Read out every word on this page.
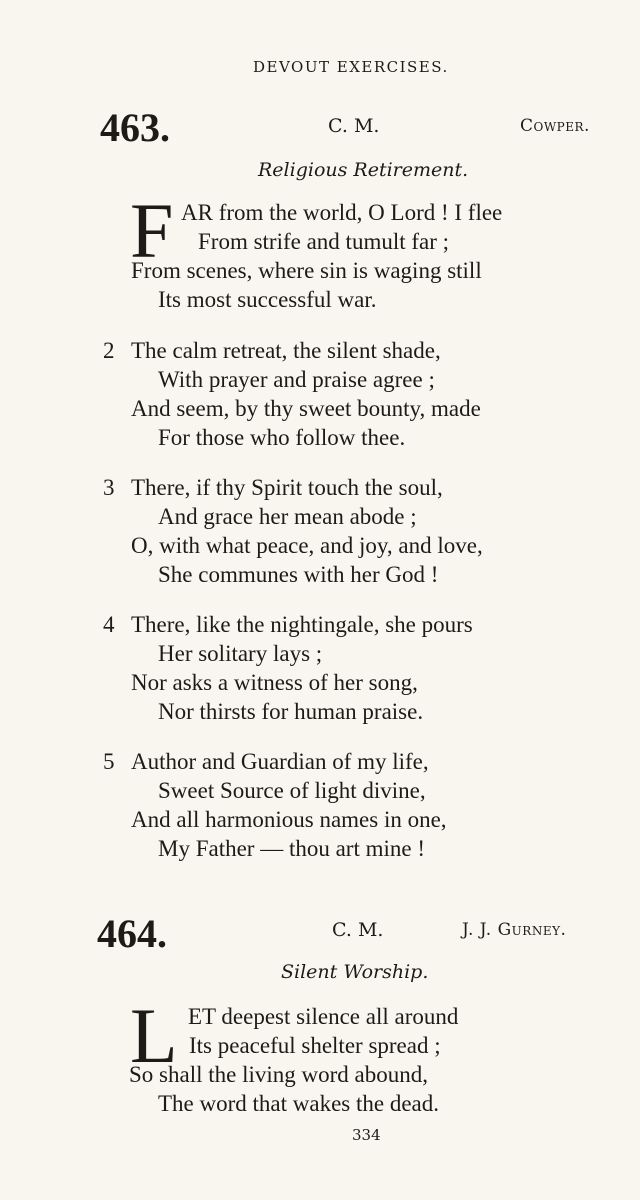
DEVOUT EXERCISES.
463.	C. M.	Cowper.
Religious Retirement.
F AR from the world, O Lord ! I flee
From strife and tumult far ;
From scenes, where sin is waging still
Its most successful war.
2 The calm retreat, the silent shade,
With prayer and praise agree ;
And seem, by thy sweet bounty, made
For those who follow thee.
3 There, if thy Spirit touch the soul,
And grace her mean abode ;
O, with what peace, and joy, and love,
She communes with her God !
4 There, like the nightingale, she pours
Her solitary lays ;
Nor asks a witness of her song,
Nor thirsts for human praise.
5 Author and Guardian of my life,
Sweet Source of light divine,
And all harmonious names in one,
My Father — thou art mine !
464.	C. M.	J. J. Gurney.
Silent Worship.
L ET deepest silence all around
Its peaceful shelter spread ;
So shall the living word abound,
The word that wakes the dead.
334
